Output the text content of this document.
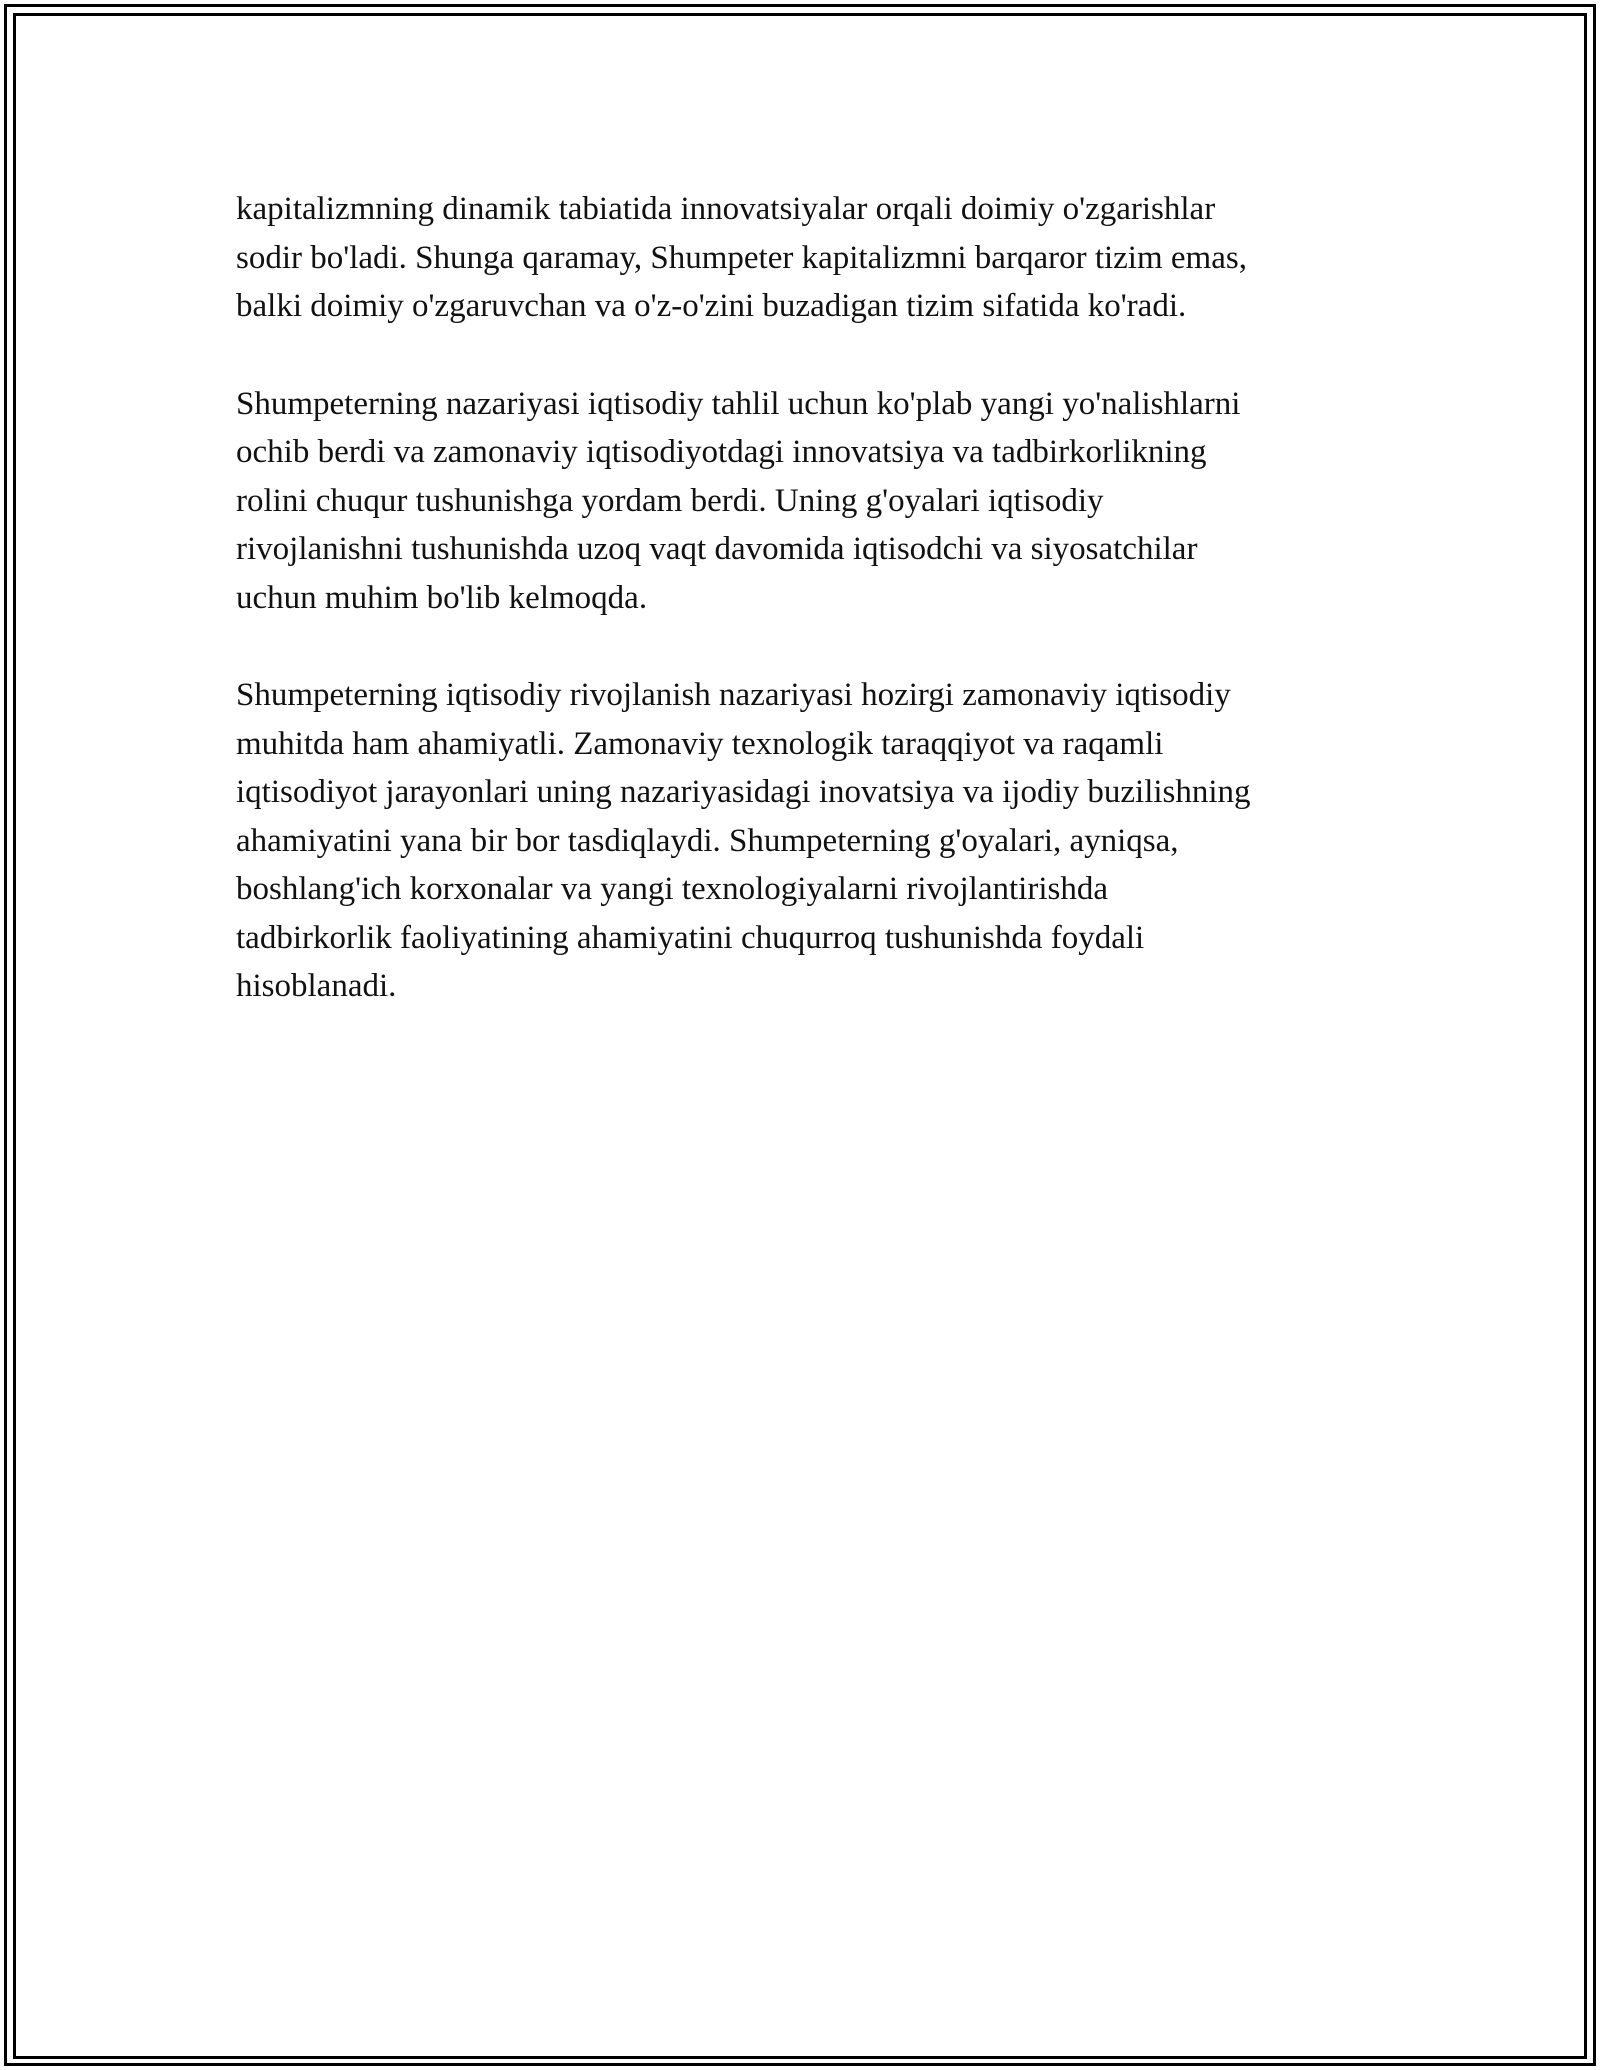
kapitalizmning dinamik tabiatida innovatsiyalar orqali doimiy o'zgarishlar
sodir bo'ladi. Shunga qaramay, Shumpeter kapitalizmni barqaror tizim emas,
balki doimiy o'zgaruvchan va o'z-o'zini buzadigan tizim sifatida ko'radi.

Shumpeterning nazariyasi iqtisodiy tahlil uchun ko'plab yangi yo'nalishlarni
ochib berdi va zamonaviy iqtisodiyotdagi innovatsiya va tadbirkorlikning
rolini chuqur tushunishga yordam berdi. Uning g'oyalari iqtisodiy
rivojlanishni tushunishda uzoq vaqt davomida iqtisodchi va siyosatchilar
uchun muhim bo'lib kelmoqda.

Shumpeterning iqtisodiy rivojlanish nazariyasi hozirgi zamonaviy iqtisodiy
muhitda ham ahamiyatli. Zamonaviy texnologik taraqqiyot va raqamli
iqtisodiyot jarayonlari uning nazariyasidagi inovatsiya va ijodiy buzilishning
ahamiyatini yana bir bor tasdiqlaydi. Shumpeterning g'oyalari, ayniqsa,
boshlang'ich korxonalar va yangi texnologiyalarni rivojlantirishda
tadbirkorlik faoliyatining ahamiyatini chuqurroq tushunishda foydali
hisoblanadi.
